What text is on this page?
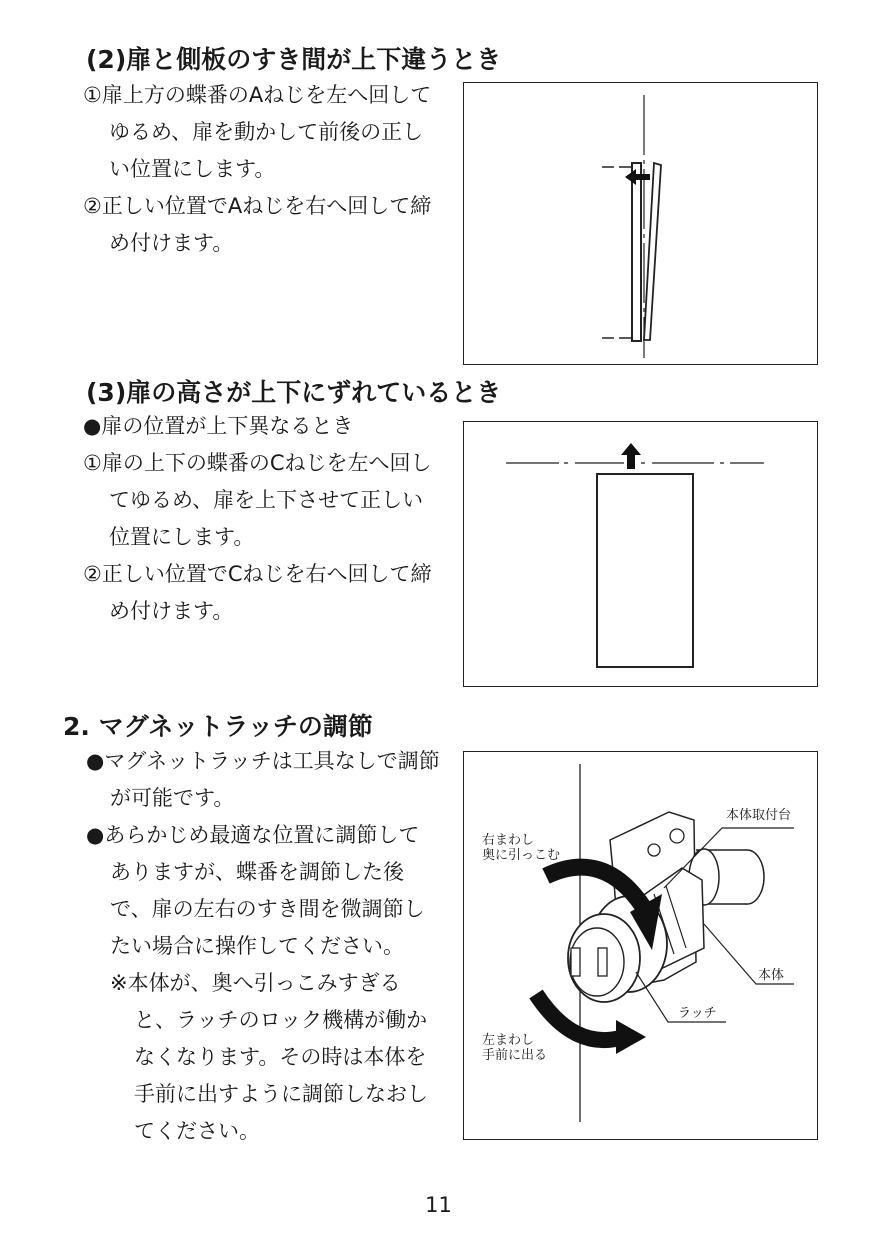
(2)扉と側板のすき間が上下違うとき

①扉上方の蝶番のAねじを左へ回してゆるめ、扉を動かして前後の正しい位置にします。

②正しい位置でAねじを右へ回して締め付けます。

(3)扉の高さが上下にずれているとき

●扉の位置が上下異なるとき

①扉の上下の蝶番のCねじを左へ回してゆるめ、扉を上下させて正しい位置にします。

②正しい位置でCねじを右へ回して締め付けます。

2. マグネットラッチの調節

●マグネットラッチは工具なしで調節が可能です。

●あらかじめ最適な位置に調節してありますが、蝶番を調節した後で、扉の左右のすき間を微調節したい場合に操作してください。

※本体が、奥へ引っこみすぎると、ラッチのロック機構が働かなくなります。その時は本体を手前に出すように調節しなおしてください。

本体取付台
右まわし
奥に引っこむ
本体
ラッチ
左まわし
手前に出る
11
